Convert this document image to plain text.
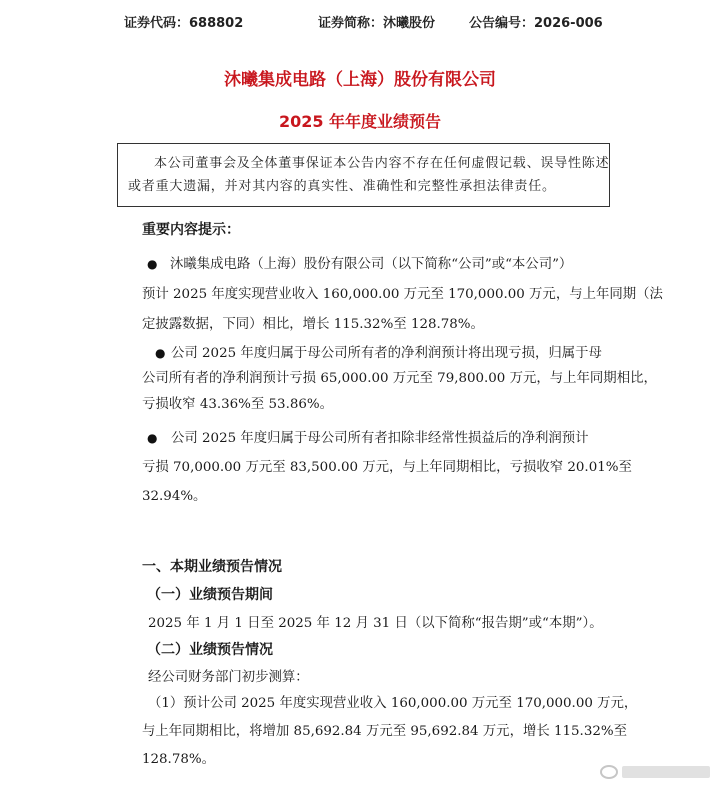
证券代码：688802	证券简称：沐曦股份	公告编号：2026-006
沐曦集成电路（上海）股份有限公司
2025 年年度业绩预告
本公司董事会及全体董事保证本公告内容不存在任何虚假记载、误导性陈述
或者重大遗漏，并对其内容的真实性、准确性和完整性承担法律责任。
重要内容提示：
● 沐曦集成电路（上海）股份有限公司（以下简称“公司”或“本公司”）
预计 2025 年度实现营业收入 160,000.00 万元至 170,000.00 万元，与上年同期（法
定披露数据，下同）相比，增长 115.32%至 128.78%。
● 公司 2025 年度归属于母公司所有者的净利润预计将出现亏损，归属于母
公司所有者的净利润预计亏损 65,000.00 万元至 79,800.00 万元，与上年同期相比，
亏损收窄 43.36%至 53.86%。
● 公司 2025 年度归属于母公司所有者扣除非经常性损益后的净利润预计
亏损 70,000.00 万元至 83,500.00 万元，与上年同期相比，亏损收窄 20.01%至
32.94%。
一、本期业绩预告情况
（一）业绩预告期间
2025 年 1 月 1 日至 2025 年 12 月 31 日（以下简称“报告期”或“本期”）。
（二）业绩预告情况
经公司财务部门初步测算：
（1）预计公司 2025 年度实现营业收入 160,000.00 万元至 170,000.00 万元，
与上年同期相比，将增加 85,692.84 万元至 95,692.84 万元，增长 115.32%至
128.78%。
